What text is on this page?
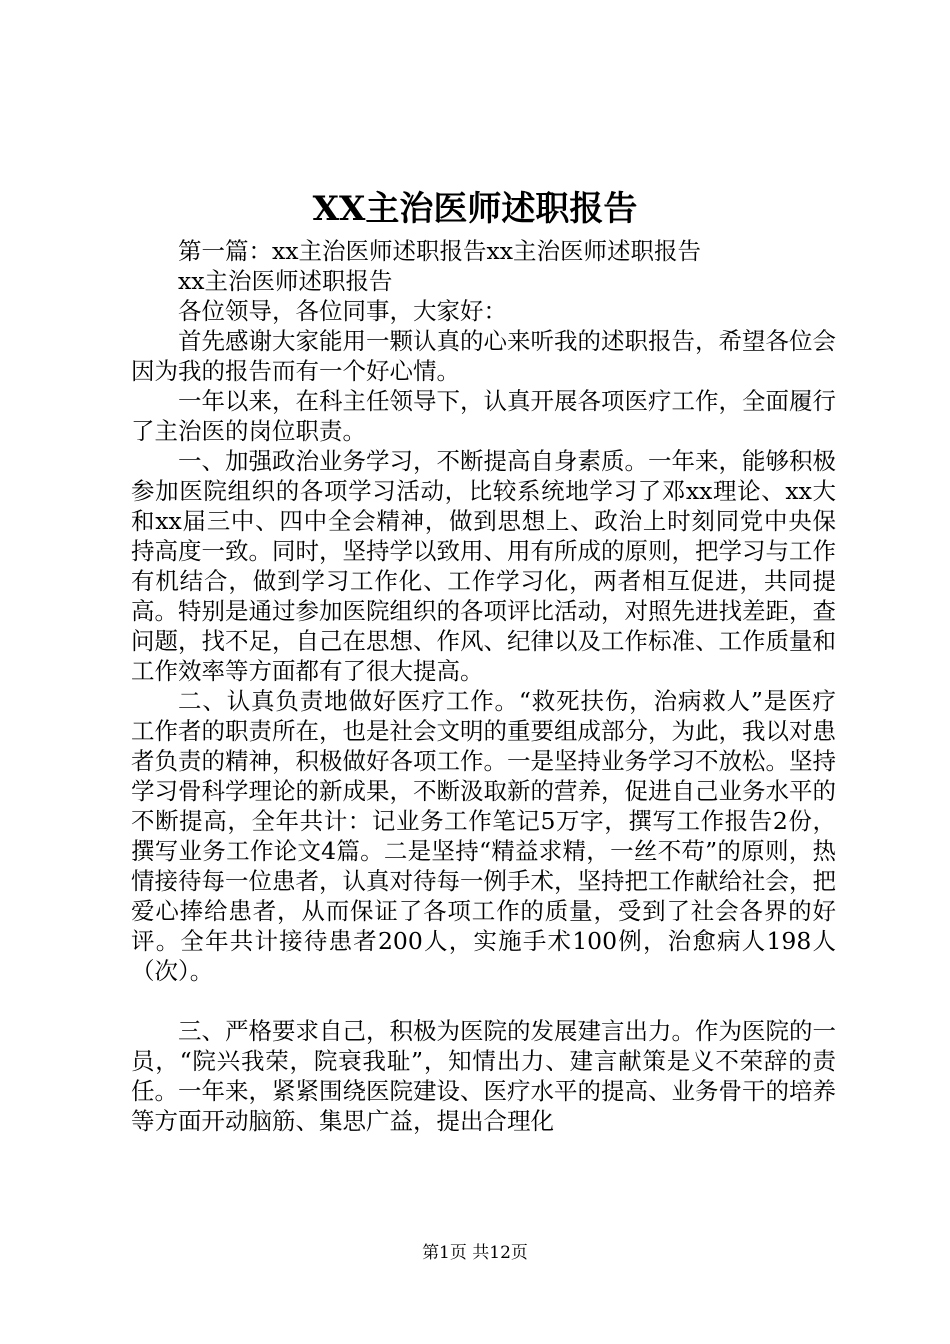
XX主治医师述职报告

第一篇：xx主治医师述职报告xx主治医师述职报告

xx主治医师述职报告

各位领导，各位同事，大家好：

首先感谢大家能用一颗认真的心来听我的述职报告，希望各位会因为我的报告而有一个好心情。

一年以来，在科主任领导下，认真开展各项医疗工作，全面履行了主治医的岗位职责。

一、加强政治业务学习，不断提高自身素质。一年来，能够积极参加医院组织的各项学习活动，比较系统地学习了邓xx理论、xx大和xx届三中、四中全会精神，做到思想上、政治上时刻同党中央保持高度一致。同时，坚持学以致用、用有所成的原则，把学习与工作有机结合，做到学习工作化、工作学习化，两者相互促进，共同提高。特别是通过参加医院组织的各项评比活动，对照先进找差距，查问题，找不足，自己在思想、作风、纪律以及工作标准、工作质量和工作效率等方面都有了很大提高。

二、认真负责地做好医疗工作。“救死扶伤，治病救人”是医疗工作者的职责所在，也是社会文明的重要组成部分，为此，我以对患者负责的精神，积极做好各项工作。一是坚持业务学习不放松。坚持学习骨科学理论的新成果，不断汲取新的营养，促进自己业务水平的不断提高，全年共计：记业务工作笔记5万字，撰写工作报告2份，撰写业务工作论文4篇。二是坚持“精益求精，一丝不苟”的原则，热情接待每一位患者，认真对待每一例手术，坚持把工作献给社会，把爱心捧给患者，从而保证了各项工作的质量，受到了社会各界的好评。全年共计接待患者200人，实施手术100例，治愈病人198人（次）。

三、严格要求自己，积极为医院的发展建言出力。作为医院的一员，“院兴我荣，院衰我耻”，知情出力、建言献策是义不荣辞的责任。一年来，紧紧围绕医院建设、医疗水平的提高、业务骨干的培养等方面开动脑筋、集思广益，提出合理化

第1页 共12页
